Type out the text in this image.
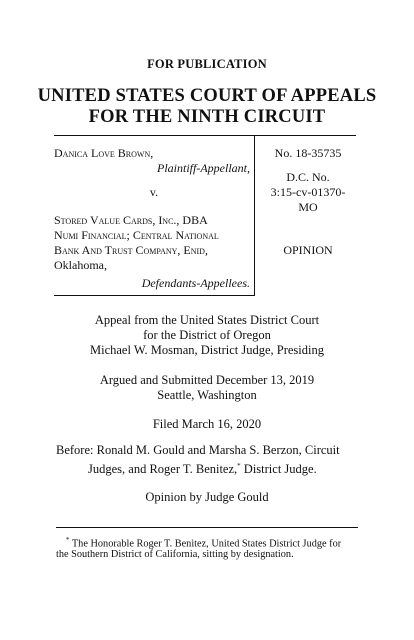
FOR PUBLICATION
UNITED STATES COURT OF APPEALS
FOR THE NINTH CIRCUIT
Danica Love Brown,
Plaintiff-Appellant,
v.
Stored Value Cards, Inc., DBA
Numi Financial; Central National
Bank And Trust Company, Enid,
Oklahoma,
Defendants-Appellees.
No. 18-35735
D.C. No.
3:15-cv-01370-
MO
OPINION
Appeal from the United States District Court
for the District of Oregon
Michael W. Mosman, District Judge, Presiding
Argued and Submitted December 13, 2019
Seattle, Washington
Filed March 16, 2020
Before: Ronald M. Gould and Marsha S. Berzon, Circuit
Judges, and Roger T. Benitez,* District Judge.
Opinion by Judge Gould
* The Honorable Roger T. Benitez, United States District Judge for
the Southern District of California, sitting by designation.
